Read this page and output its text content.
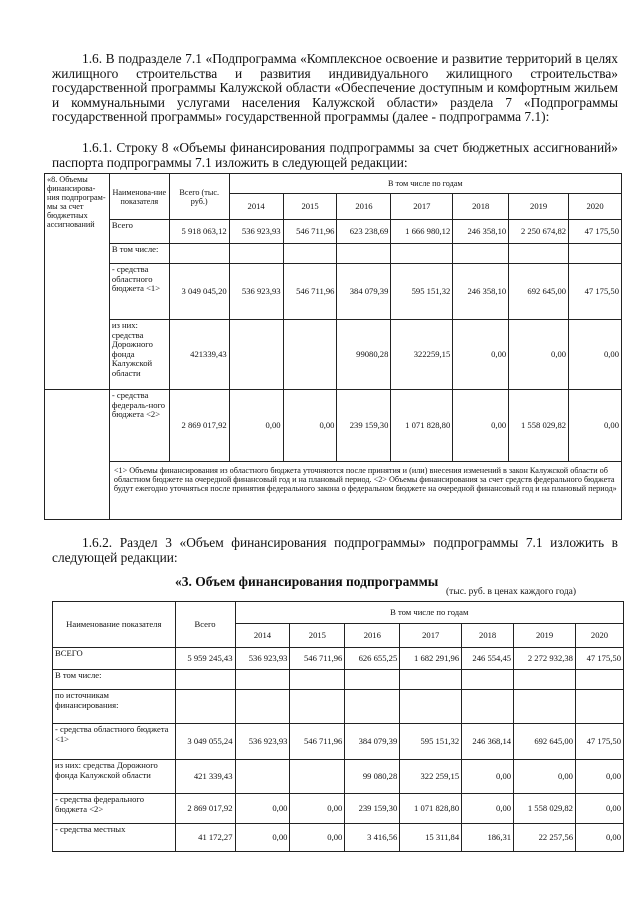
1.6. В подразделе 7.1 «Подпрограмма «Комплексное освоение и развитие территорий в целях жилищного строительства и развития индивидуального жилищного строительства» государственной программы Калужской области «Обеспечение доступным и комфортным жильем и коммунальными услугами населения Калужской области» раздела 7 «Подпрограммы государственной программы» государственной программы (далее - подпрограмма 7.1):
1.6.1. Строку 8 «Объемы финансирования подпрограммы за счет бюджетных ассигнований» паспорта подпрограммы 7.1 изложить в следующей редакции:
«8. Объемы финансирова-ния подпрограм-мы за счет бюджетных ассигнований	Наименова-ние показателя	Всего (тыс. руб.)	В том числе по годам						
			2014	2015	2016	2017	2018	2019	2020
	Всего	5 918 063,12	536 923,93	546 711,96	623 238,69	1 666 980,12	246 358,10	2 250 674,82	47 175,50
	В том числе:								
	- средства областного бюджета <1>	3 049 045,20	536 923,93	546 711,96	384 079,39	595 151,32	246 358,10	692 645,00	47 175,50
	из них: средства Дорожного фонда Калужской области	421339,43			99080,28	322259,15	0,00	0,00	0,00
	- средства федераль-ного бюджета <2>	2 869 017,92	0,00	0,00	239 159,30	1 071 828,80	0,00	1 558 029,82	0,00
	<1> Объемы финансирования из областного бюджета уточняются после принятия и (или) внесения изменений в закон Калужской области об областном бюджете на очередной финансовый год и на плановый период. <2> Объемы финансирования за счет средств федерального бюджета будут ежегодно уточняться после принятия федерального закона о федеральном бюджете на очередной финансовый год и на плановый период»								
1.6.2. Раздел 3 «Объем финансирования подпрограммы» подпрограммы 7.1 изложить в следующей редакции:
«3. Объем финансирования подпрограммы
(тыс. руб. в ценах каждого года)
Наименование показателя	Всего	В том числе по годам						
		2014	2015	2016	2017	2018	2019	2020
ВСЕГО	5 959 245,43	536 923,93	546 711,96	626 655,25	1 682 291,96	246 554,45	2 272 932,38	47 175,50
В том числе:								
по источникам финансирования:								
- средства областного бюджета <1>	3 049 055,24	536 923,93	546 711,96	384 079,39	595 151,32	246 368,14	692 645,00	47 175,50
из них: средства Дорожного фонда Калужской области	421 339,43			99 080,28	322 259,15	0,00	0,00	0,00
- средства федерального бюджета <2>	2 869 017,92	0,00	0,00	239 159,30	1 071 828,80	0,00	1 558 029,82	0,00
- средства местных	41 172,27	0,00	0,00	3 416,56	15 311,84	186,31	22 257,56	0,00
